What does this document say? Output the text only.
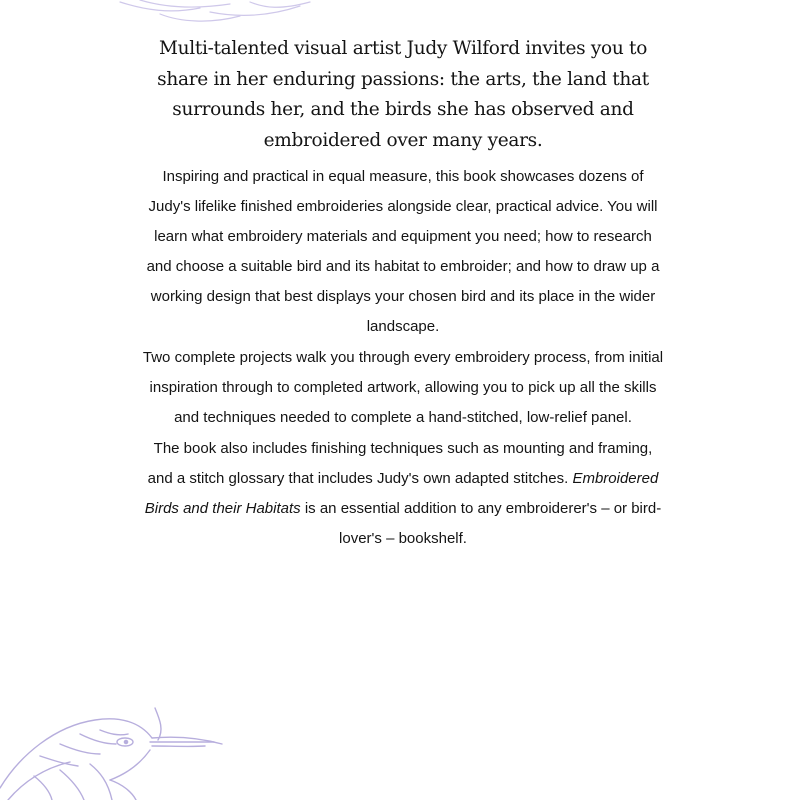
Multi-talented visual artist Judy Wilford invites you to share in her enduring passions: the arts, the land that surrounds her, and the birds she has observed and embroidered over many years.

Inspiring and practical in equal measure, this book showcases dozens of Judy's lifelike finished embroideries alongside clear, practical advice. You will learn what embroidery materials and equipment you need; how to research and choose a suitable bird and its habitat to embroider; and how to draw up a working design that best displays your chosen bird and its place in the wider landscape.

Two complete projects walk you through every embroidery process, from initial inspiration through to completed artwork, allowing you to pick up all the skills and techniques needed to complete a hand-stitched, low-relief panel.

The book also includes finishing techniques such as mounting and framing, and a stitch glossary that includes Judy's own adapted stitches. Embroidered Birds and their Habitats is an essential addition to any embroiderer's – or bird-lover's – bookshelf.
